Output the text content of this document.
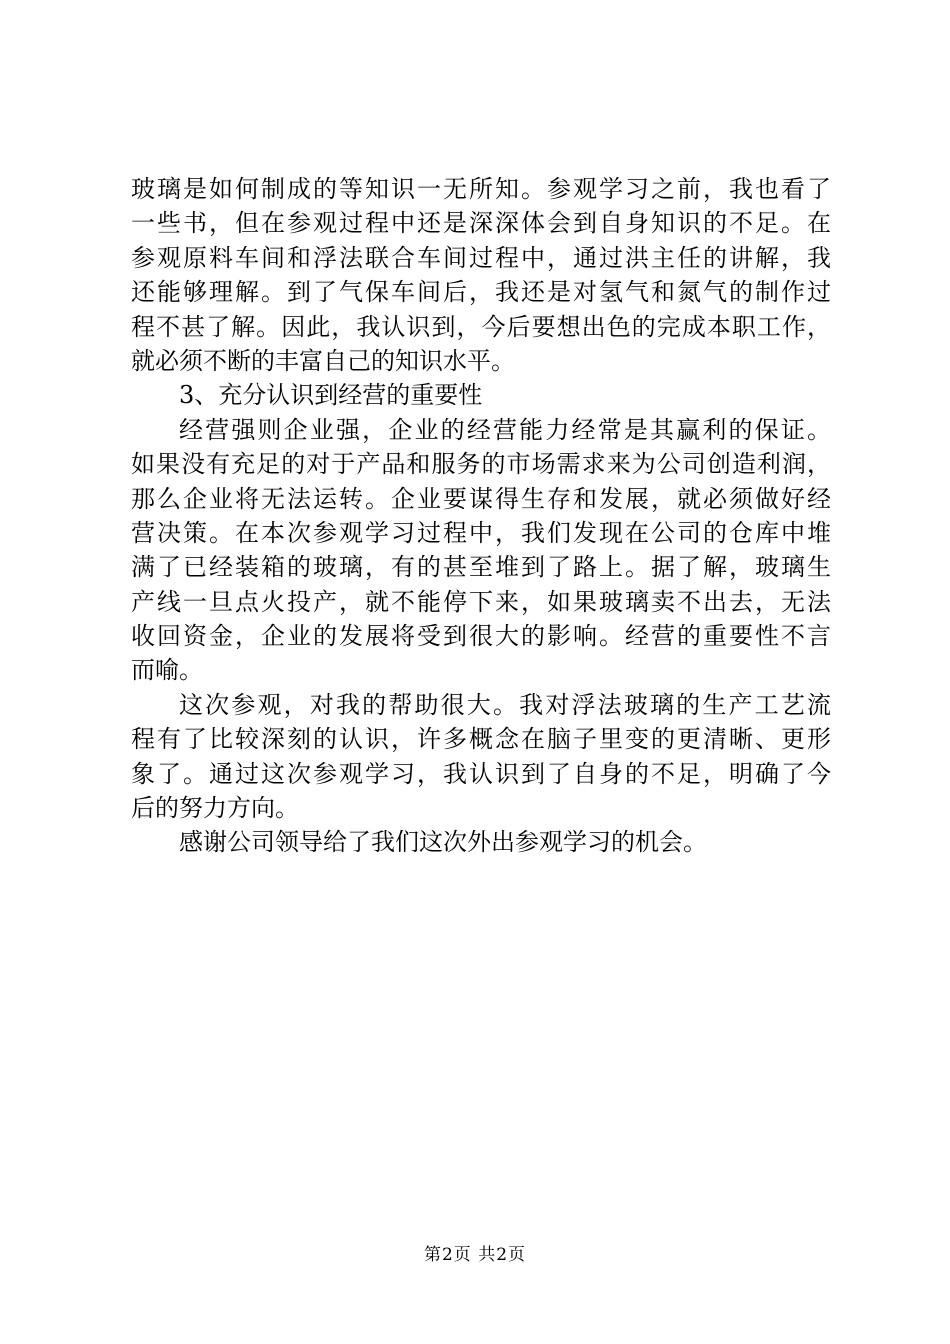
玻璃是如何制成的等知识一无所知。参观学习之前，我也看了
一些书，但在参观过程中还是深深体会到自身知识的不足。在
参观原料车间和浮法联合车间过程中，通过洪主任的讲解，我
还能够理解。到了气保车间后，我还是对氢气和氮气的制作过
程不甚了解。因此，我认识到，今后要想出色的完成本职工作，
就必须不断的丰富自己的知识水平。
3、充分认识到经营的重要性
经营强则企业强，企业的经营能力经常是其赢利的保证。
如果没有充足的对于产品和服务的市场需求来为公司创造利润，
那么企业将无法运转。企业要谋得生存和发展，就必须做好经
营决策。在本次参观学习过程中，我们发现在公司的仓库中堆
满了已经装箱的玻璃，有的甚至堆到了路上。据了解，玻璃生
产线一旦点火投产，就不能停下来，如果玻璃卖不出去，无法
收回资金，企业的发展将受到很大的影响。经营的重要性不言
而喻。
这次参观，对我的帮助很大。我对浮法玻璃的生产工艺流
程有了比较深刻的认识，许多概念在脑子里变的更清晰、更形
象了。通过这次参观学习，我认识到了自身的不足，明确了今
后的努力方向。
感谢公司领导给了我们这次外出参观学习的机会。
第2页 共2页
